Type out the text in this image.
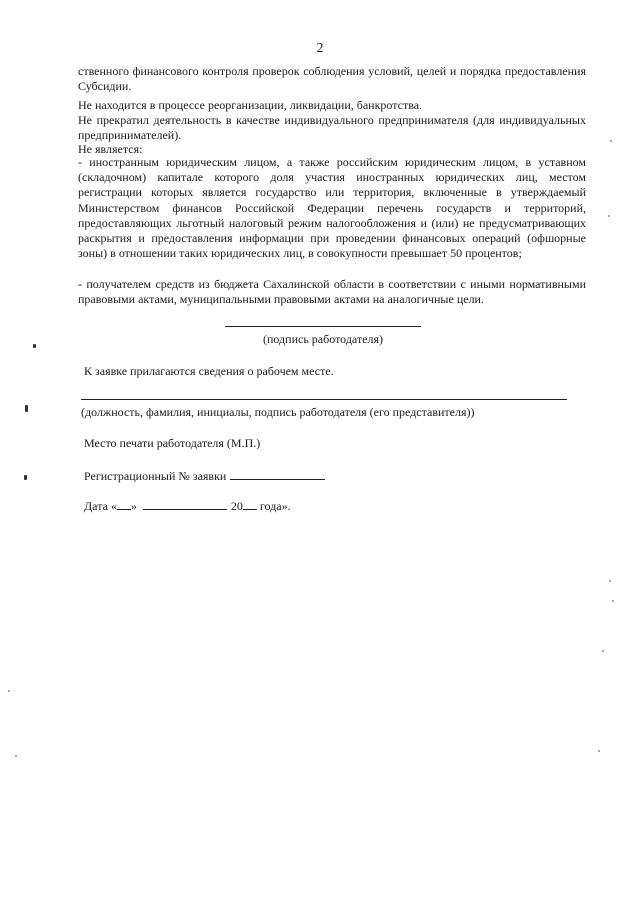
2

ственного финансового контроля проверок соблюдения условий, целей и порядка предоставления Субсидии.

Не находится в процессе реорганизации, ликвидации, банкротства.

Не прекратил деятельность в качестве индивидуального предпринимателя (для индивидуальных предпринимателей).

Не является:

- иностранным юридическим лицом, а также российским юридическим лицом, в уставном (складочном) капитале которого доля участия иностранных юридических лиц, местом регистрации которых является государство или территория, включенные в утверждаемый Министерством финансов Российской Федерации перечень государств и территорий, предоставляющих льготный налоговый режим налогообложения и (или) не предусматривающих раскрытия и предоставления информации при проведении финансовых операций (офшорные зоны) в отношении таких юридических лиц, в совокупности превышает 50 процентов;

- получателем средств из бюджета Сахалинской области в соответствии с иными нормативными правовыми актами, муниципальными правовыми актами на аналогичные цели.

(подпись работодателя)
К заявке прилагаются сведения о рабочем месте.
(должность, фамилия, инициалы, подпись работодателя (его представителя))
Место печати работодателя (М.П.)
Регистрационный № заявки
Дата « »	20 года».
